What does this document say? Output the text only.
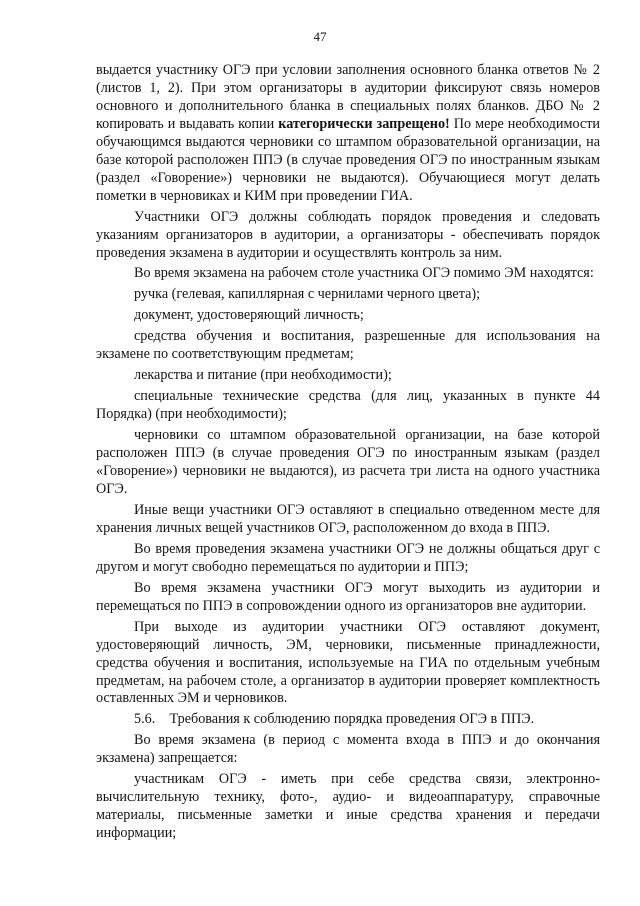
47

выдается участнику ОГЭ при условии заполнения основного бланка ответов № 2 (листов 1, 2). При этом организаторы в аудитории фиксируют связь номеров основного и дополнительного бланка в специальных полях бланков. ДБО № 2 копировать и выдавать копии категорически запрещено! По мере необходимости обучающимся выдаются черновики со штампом образовательной организации, на базе которой расположен ППЭ (в случае проведения ОГЭ по иностранным языкам (раздел «Говорение») черновики не выдаются). Обучающиеся могут делать пометки в черновиках и КИМ при проведении ГИА.

Участники ОГЭ должны соблюдать порядок проведения и следовать указаниям организаторов в аудитории, а организаторы - обеспечивать порядок проведения экзамена в аудитории и осуществлять контроль за ним.

Во время экзамена на рабочем столе участника ОГЭ помимо ЭМ находятся:

ручка (гелевая, капиллярная с чернилами черного цвета);

документ, удостоверяющий личность;

средства обучения и воспитания, разрешенные для использования на экзамене по соответствующим предметам;

лекарства и питание (при необходимости);

специальные технические средства (для лиц, указанных в пункте 44 Порядка) (при необходимости);

черновики со штампом образовательной организации, на базе которой расположен ППЭ (в случае проведения ОГЭ по иностранным языкам (раздел «Говорение») черновики не выдаются), из расчета три листа на одного участника ОГЭ.

Иные вещи участники ОГЭ оставляют в специально отведенном месте для хранения личных вещей участников ОГЭ, расположенном до входа в ППЭ.

Во время проведения экзамена участники ОГЭ не должны общаться друг с другом и могут свободно перемещаться по аудитории и ППЭ;

Во время экзамена участники ОГЭ могут выходить из аудитории и перемещаться по ППЭ в сопровождении одного из организаторов вне аудитории.

При выходе из аудитории участники ОГЭ оставляют документ, удостоверяющий личность, ЭМ, черновики, письменные принадлежности, средства обучения и воспитания, используемые на ГИА по отдельным учебным предметам, на рабочем столе, а организатор в аудитории проверяет комплектность оставленных ЭМ и черновиков.

5.6.    Требования к соблюдению порядка проведения ОГЭ в ППЭ.

Во время экзамена (в период с момента входа в ППЭ и до окончания экзамена) запрещается:

участникам ОГЭ - иметь при себе средства связи, электронно-вычислительную технику, фото-, аудио- и видеоаппаратуру, справочные материалы, письменные заметки и иные средства хранения и передачи информации;
